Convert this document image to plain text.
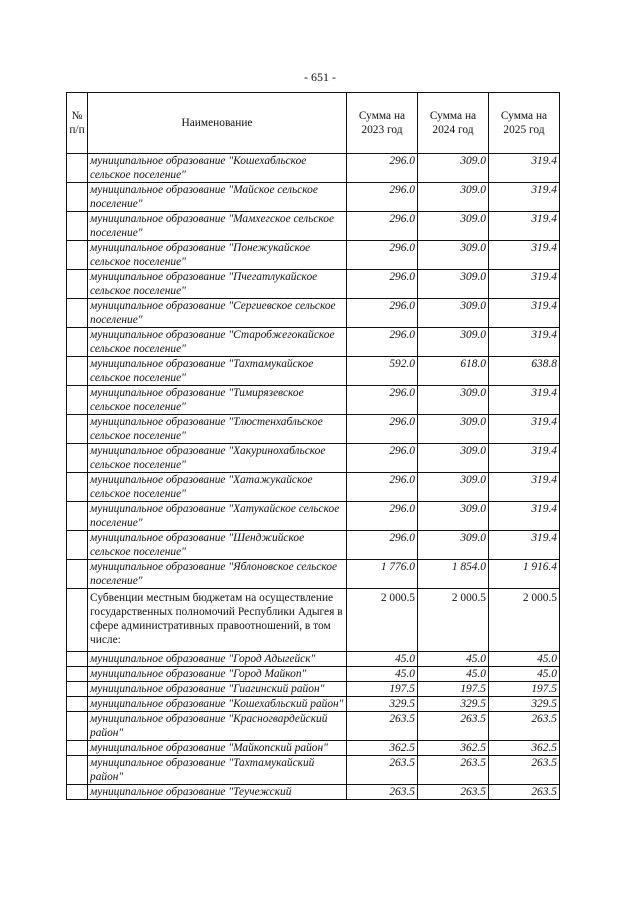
- 651 -
№ п/п	Наименование	Сумма на 2023 год	Сумма на 2024 год	Сумма на 2025 год
	муниципальное образование "Кошехабльское сельское поселение"	296.0	309.0	319.4
	муниципальное образование "Майское сельское поселение"	296.0	309.0	319.4
	муниципальное образование "Мамхегское сельское поселение"	296.0	309.0	319.4
	муниципальное образование "Понежукайское сельское поселение"	296.0	309.0	319.4
	муниципальное образование "Пчегатлукайское сельское поселение"	296.0	309.0	319.4
	муниципальное образование "Сергиевское сельское поселение"	296.0	309.0	319.4
	муниципальное образование "Старобжегокайское сельское поселение"	296.0	309.0	319.4
	муниципальное образование "Тахтамукайское сельское поселение"	592.0	618.0	638.8
	муниципальное образование "Тимирязевское сельское поселение"	296.0	309.0	319.4
	муниципальное образование "Тлюстенхабльское сельское поселение"	296.0	309.0	319.4
	муниципальное образование "Хакуринохабльское сельское поселение"	296.0	309.0	319.4
	муниципальное образование "Хатажукайское сельское поселение"	296.0	309.0	319.4
	муниципальное образование "Хатукайское сельское поселение"	296.0	309.0	319.4
	муниципальное образование "Шенджийское сельское поселение"	296.0	309.0	319.4
	муниципальное образование "Яблоновское сельское поселение"	1 776.0	1 854.0	1 916.4
	Субвенции местным бюджетам на осуществление государственных полномочий Республики Адыгея в сфере административных правоотношений, в том числе:	2 000.5	2 000.5	2 000.5
	муниципальное образование "Город Адыгейск"	45.0	45.0	45.0
	муниципальное образование "Город Майкоп"	45.0	45.0	45.0
	муниципальное образование "Гиагинский район"	197.5	197.5	197.5
	муниципальное образование "Кошехабльский район"	329.5	329.5	329.5
	муниципальное образование "Красногвардейский район"	263.5	263.5	263.5
	муниципальное образование "Майкопский район"	362.5	362.5	362.5
	муниципальное образование "Тахтамукайский район"	263.5	263.5	263.5
	муниципальное образование "Теучежский	263.5	263.5	263.5
